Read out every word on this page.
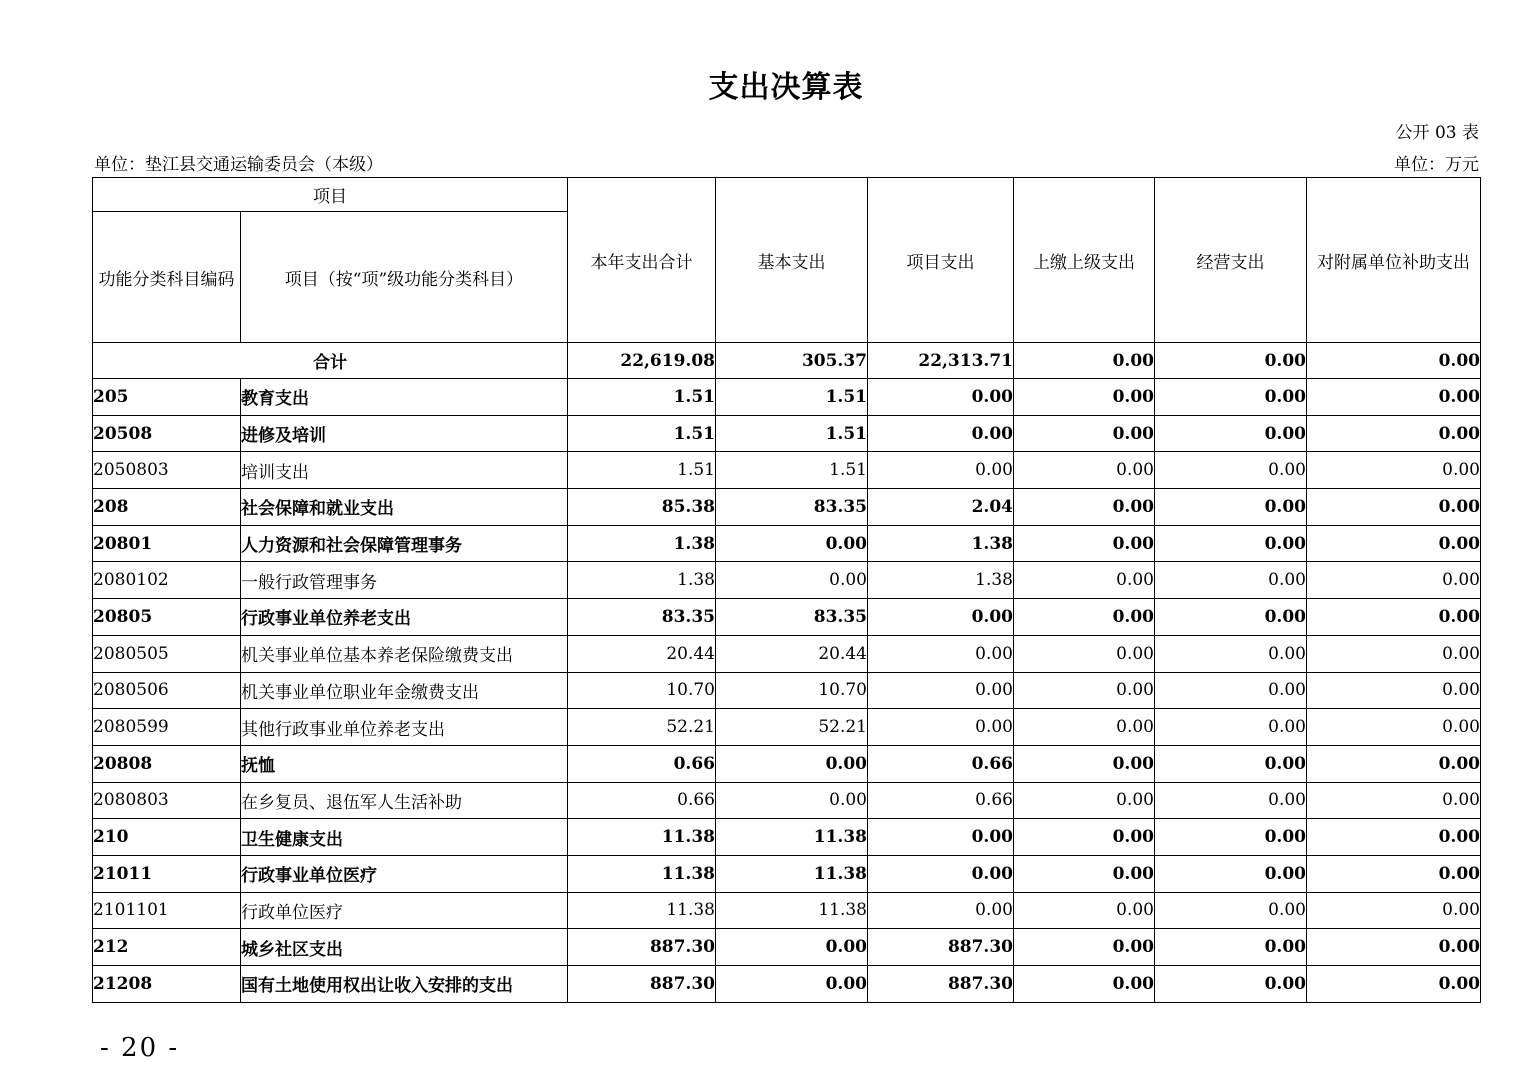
支出决算表
公开 03 表
单位：垫江县交通运输委员会（本级）	单位：万元
项目		本年支出合计	基本支出	项目支出	上缴上级支出	经营支出	对附属单位补助支出
功能分类科目编码	项目（按“项”级功能分类科目）						
合计		22,619.08	305.37	22,313.71	0.00	0.00	0.00
205	教育支出	1.51	1.51	0.00	0.00	0.00	0.00
20508	进修及培训	1.51	1.51	0.00	0.00	0.00	0.00
2050803	培训支出	1.51	1.51	0.00	0.00	0.00	0.00
208	社会保障和就业支出	85.38	83.35	2.04	0.00	0.00	0.00
20801	人力资源和社会保障管理事务	1.38	0.00	1.38	0.00	0.00	0.00
2080102	一般行政管理事务	1.38	0.00	1.38	0.00	0.00	0.00
20805	行政事业单位养老支出	83.35	83.35	0.00	0.00	0.00	0.00
2080505	机关事业单位基本养老保险缴费支出	20.44	20.44	0.00	0.00	0.00	0.00
2080506	机关事业单位职业年金缴费支出	10.70	10.70	0.00	0.00	0.00	0.00
2080599	其他行政事业单位养老支出	52.21	52.21	0.00	0.00	0.00	0.00
20808	抚恤	0.66	0.00	0.66	0.00	0.00	0.00
2080803	在乡复员、退伍军人生活补助	0.66	0.00	0.66	0.00	0.00	0.00
210	卫生健康支出	11.38	11.38	0.00	0.00	0.00	0.00
21011	行政事业单位医疗	11.38	11.38	0.00	0.00	0.00	0.00
2101101	行政单位医疗	11.38	11.38	0.00	0.00	0.00	0.00
212	城乡社区支出	887.30	0.00	887.30	0.00	0.00	0.00
21208	国有土地使用权出让收入安排的支出	887.30	0.00	887.30	0.00	0.00	0.00
- 20 -
